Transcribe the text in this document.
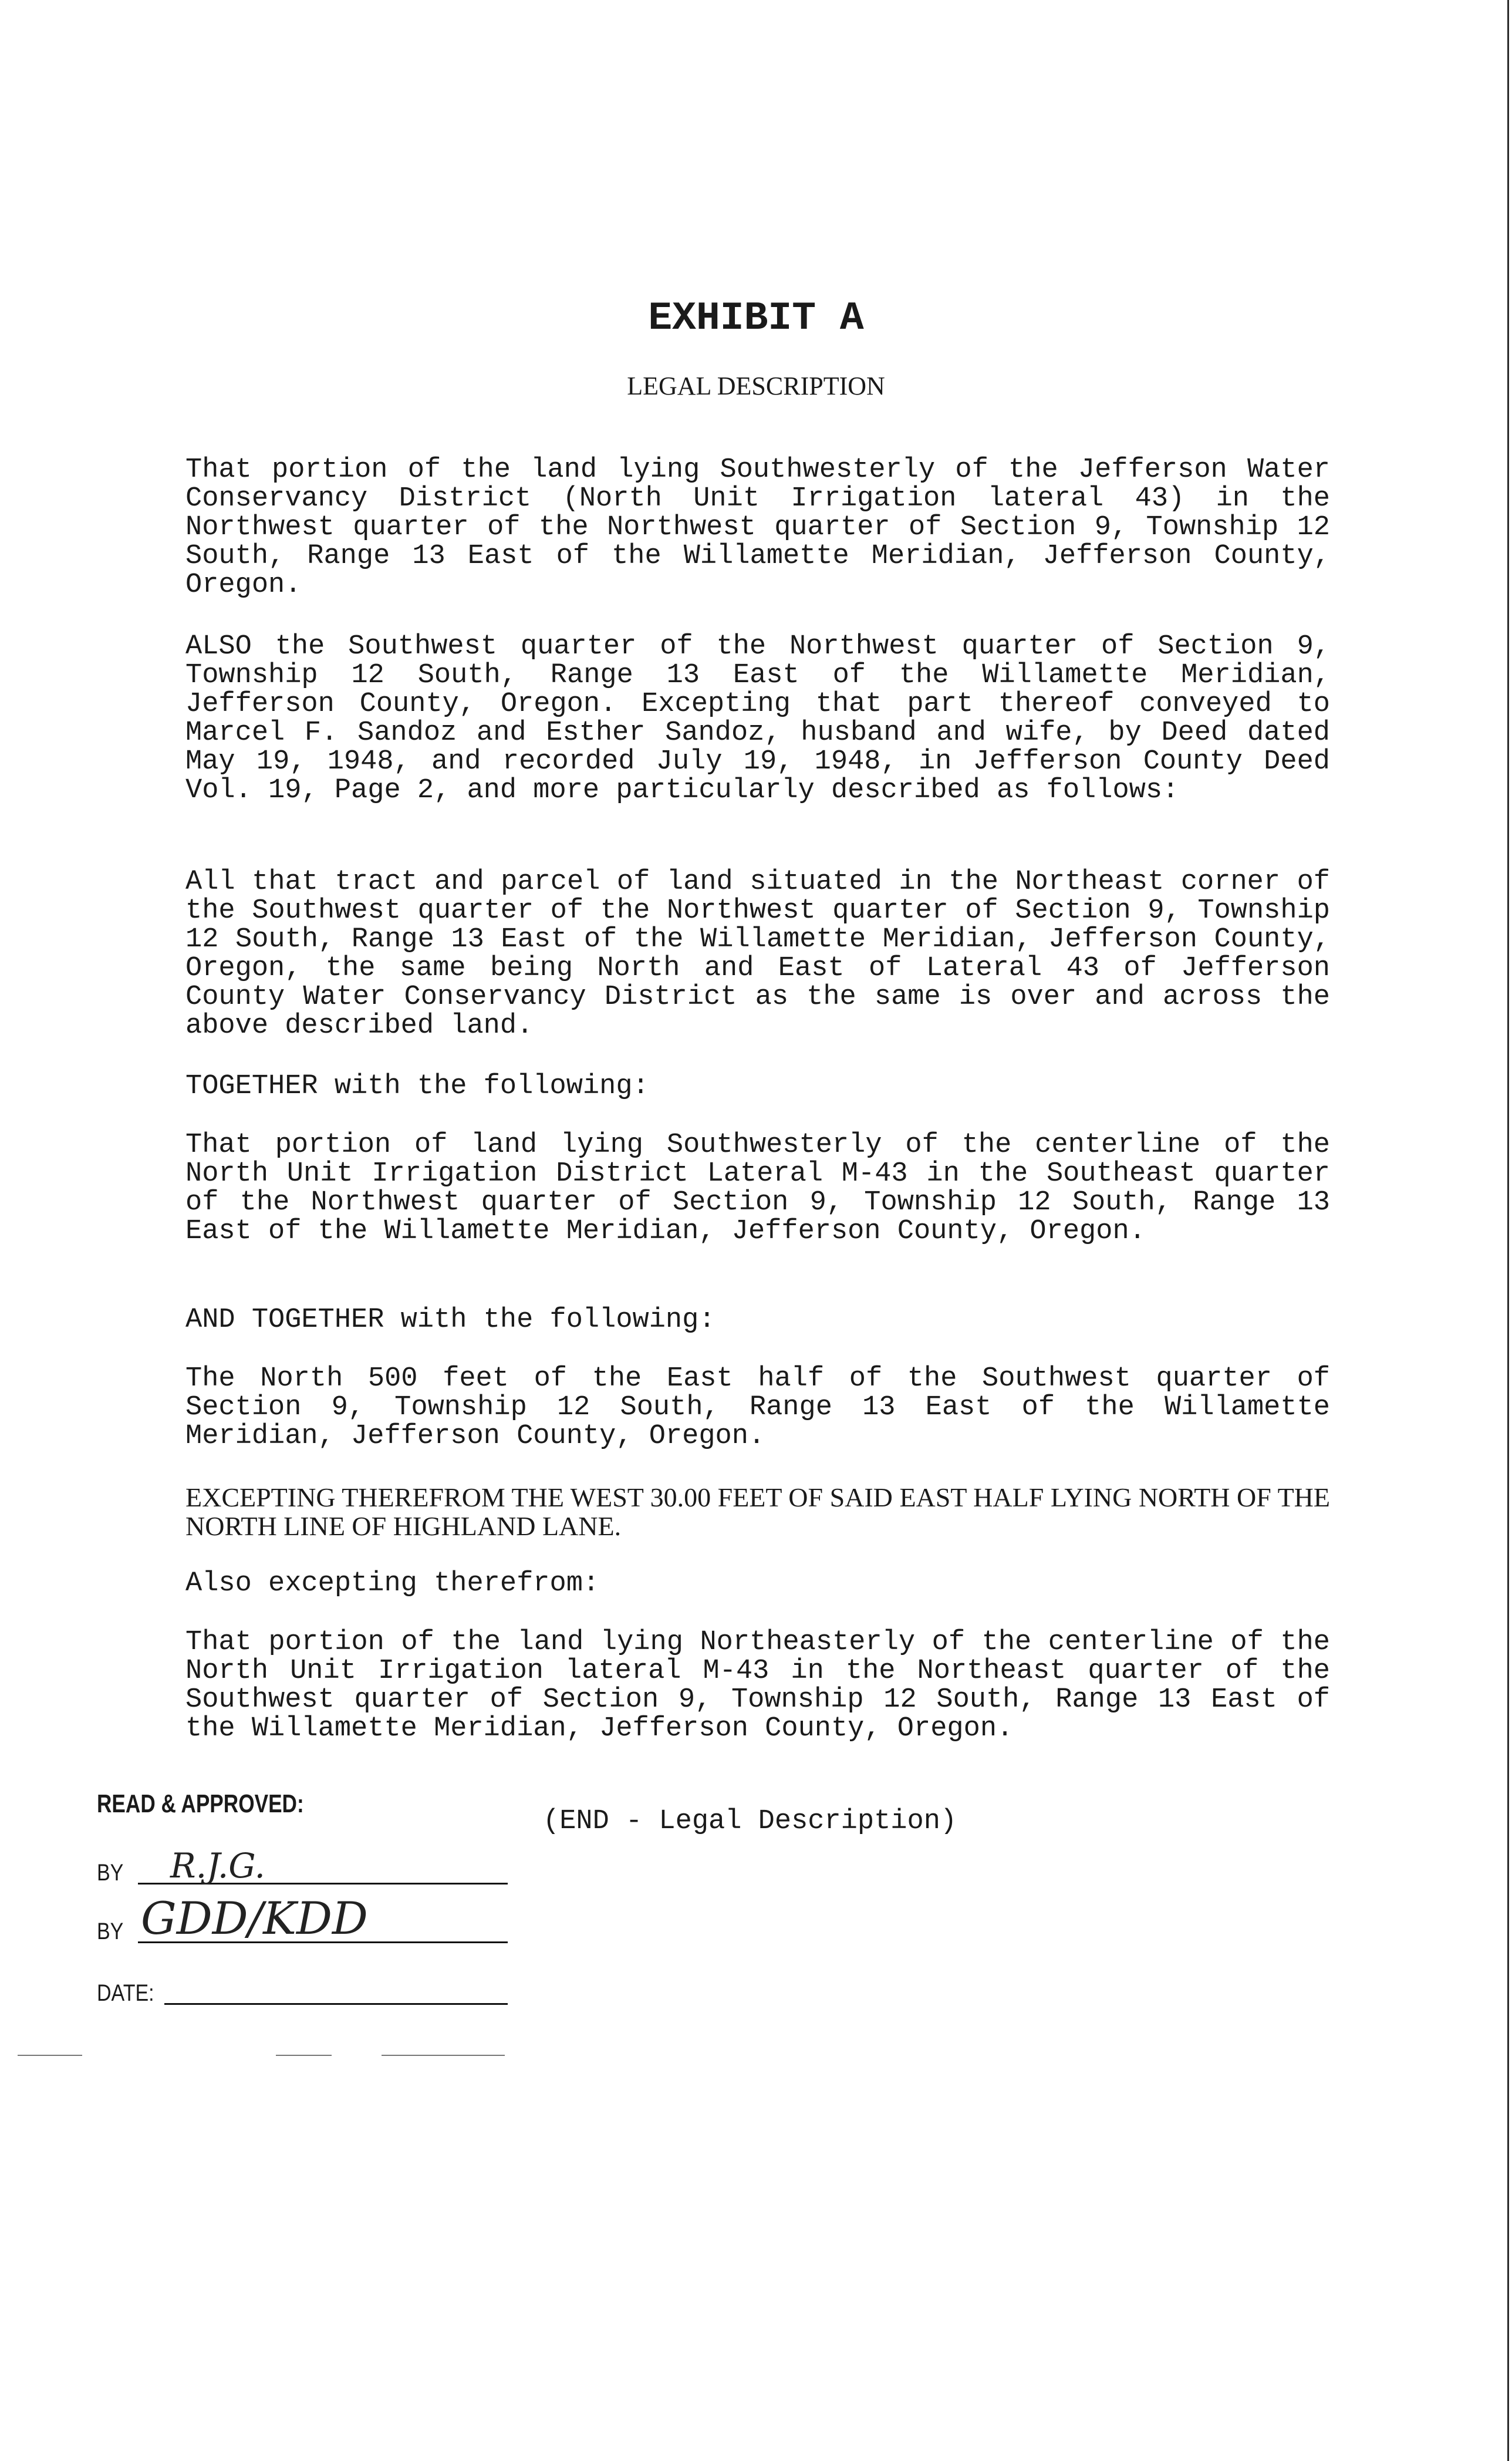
EXHIBIT A
LEGAL DESCRIPTION

That portion of the land lying Southwesterly of the Jefferson Water Conservancy District (North Unit Irrigation lateral 43) in the Northwest quarter of the Northwest quarter of Section 9, Township 12 South, Range 13 East of the Willamette Meridian, Jefferson County, Oregon.

ALSO the Southwest quarter of the Northwest quarter of Section 9, Township 12 South, Range 13 East of the Willamette Meridian, Jefferson County, Oregon. Excepting that part thereof conveyed to Marcel F. Sandoz and Esther Sandoz, husband and wife, by Deed dated May 19, 1948, and recorded July 19, 1948, in Jefferson County Deed Vol. 19, Page 2, and more particularly described as follows:

All that tract and parcel of land situated in the Northeast corner of the Southwest quarter of the Northwest quarter of Section 9, Township 12 South, Range 13 East of the Willamette Meridian, Jefferson County, Oregon, the same being North and East of Lateral 43 of Jefferson County Water Conservancy District as the same is over and across the above described land.

TOGETHER with the following:

That portion of land lying Southwesterly of the centerline of the North Unit Irrigation District Lateral M-43 in the Southeast quarter of the Northwest quarter of Section 9, Township 12 South, Range 13 East of the Willamette Meridian, Jefferson County, Oregon.

AND TOGETHER with the following:

The North 500 feet of the East half of the Southwest quarter of Section 9, Township 12 South, Range 13 East of the Willamette Meridian, Jefferson County, Oregon.

EXCEPTING THEREFROM THE WEST 30.00 FEET OF SAID EAST HALF LYING NORTH OF THE NORTH LINE OF HIGHLAND LANE.

Also excepting therefrom:

That portion of the land lying Northeasterly of the centerline of the North Unit Irrigation lateral M-43 in the Northeast quarter of the Southwest quarter of Section 9, Township 12 South, Range 13 East of the Willamette Meridian, Jefferson County, Oregon.

(END - Legal Description)
READ & APPROVED:
BY R.J.G.
BY GDD/KDD
DATE:
